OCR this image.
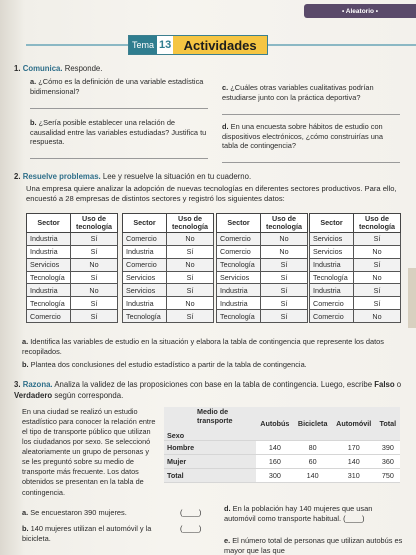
• Aleatorio •
Tema 13 Actividades
1. Comunica. Responde.
a. ¿Cómo es la definición de una variable estadística bidimensional?	c. ¿Cuáles otras variables cualitativas podrían estudiarse junto con la práctica deportiva?
b. ¿Sería posible establecer una relación de causalidad entre las variables estudiadas? Justifica tu respuesta.
d. En una encuesta sobre hábitos de estudio con dispositivos electrónicos, ¿cómo construirías una tabla de contingencia?
2. Resuelve problemas. Lee y resuelve la situación en tu cuaderno.
Una empresa quiere analizar la adopción de nuevas tecnologías en diferentes sectores productivos. Para ello, encuestó a 28 empresas de distintos sectores y registró los siguientes datos:
Sector	Uso de tecnología
Industria	Sí
Industria	Sí
Servicios	No
Tecnología	Sí
Industria	No
Tecnología	Sí
Comercio	Sí
Sector	Uso de tecnología
Comercio	No
Industria	Sí
Comercio	No
Servicios	Sí
Servicios	Sí
Industria	No
Tecnología	Sí
Sector	Uso de tecnología
Comercio	No
Comercio	No
Tecnología	Sí
Servicios	Sí
Industria	Sí
Industria	Sí
Tecnología	Sí
Sector	Uso de tecnología
Servicios	Sí
Servicios	No
Industria	Sí
Tecnología	No
Industria	Sí
Comercio	Sí
Comercio	No
a. Identifica las variables de estudio en la situación y elabora la tabla de contingencia que represente los datos recopilados.
b. Plantea dos conclusiones del estudio estadístico a partir de la tabla de contingencia.
3. Razona. Analiza la validez de las proposiciones con base en la tabla de contingencia. Luego, escribe Falso o Verdadero según corresponda.
En una ciudad se realizó un estudio estadístico para conocer la relación entre el tipo de transporte público que utilizan los ciudadanos por sexo. Se seleccionó aleatoriamente un grupo de personas y se les preguntó sobre su medio de transporte más frecuente. Los datos obtenidos se presentan en la tabla de contingencia.
Medio de transporte
Sexo	Autobús	Bicicleta	Automóvil	Total
Hombre	140	80	170	390
Mujer	160	60	140	360
Total	300	140	310	750
a. Se encuestaron 390 mujeres.	(____)
b. 140 mujeres utilizan el automóvil y la bicicleta.
(____)
d. En la población hay 140 mujeres que usan automóvil como transporte habitual. (____)
e. El número total de personas que utilizan autobús es mayor que las que
